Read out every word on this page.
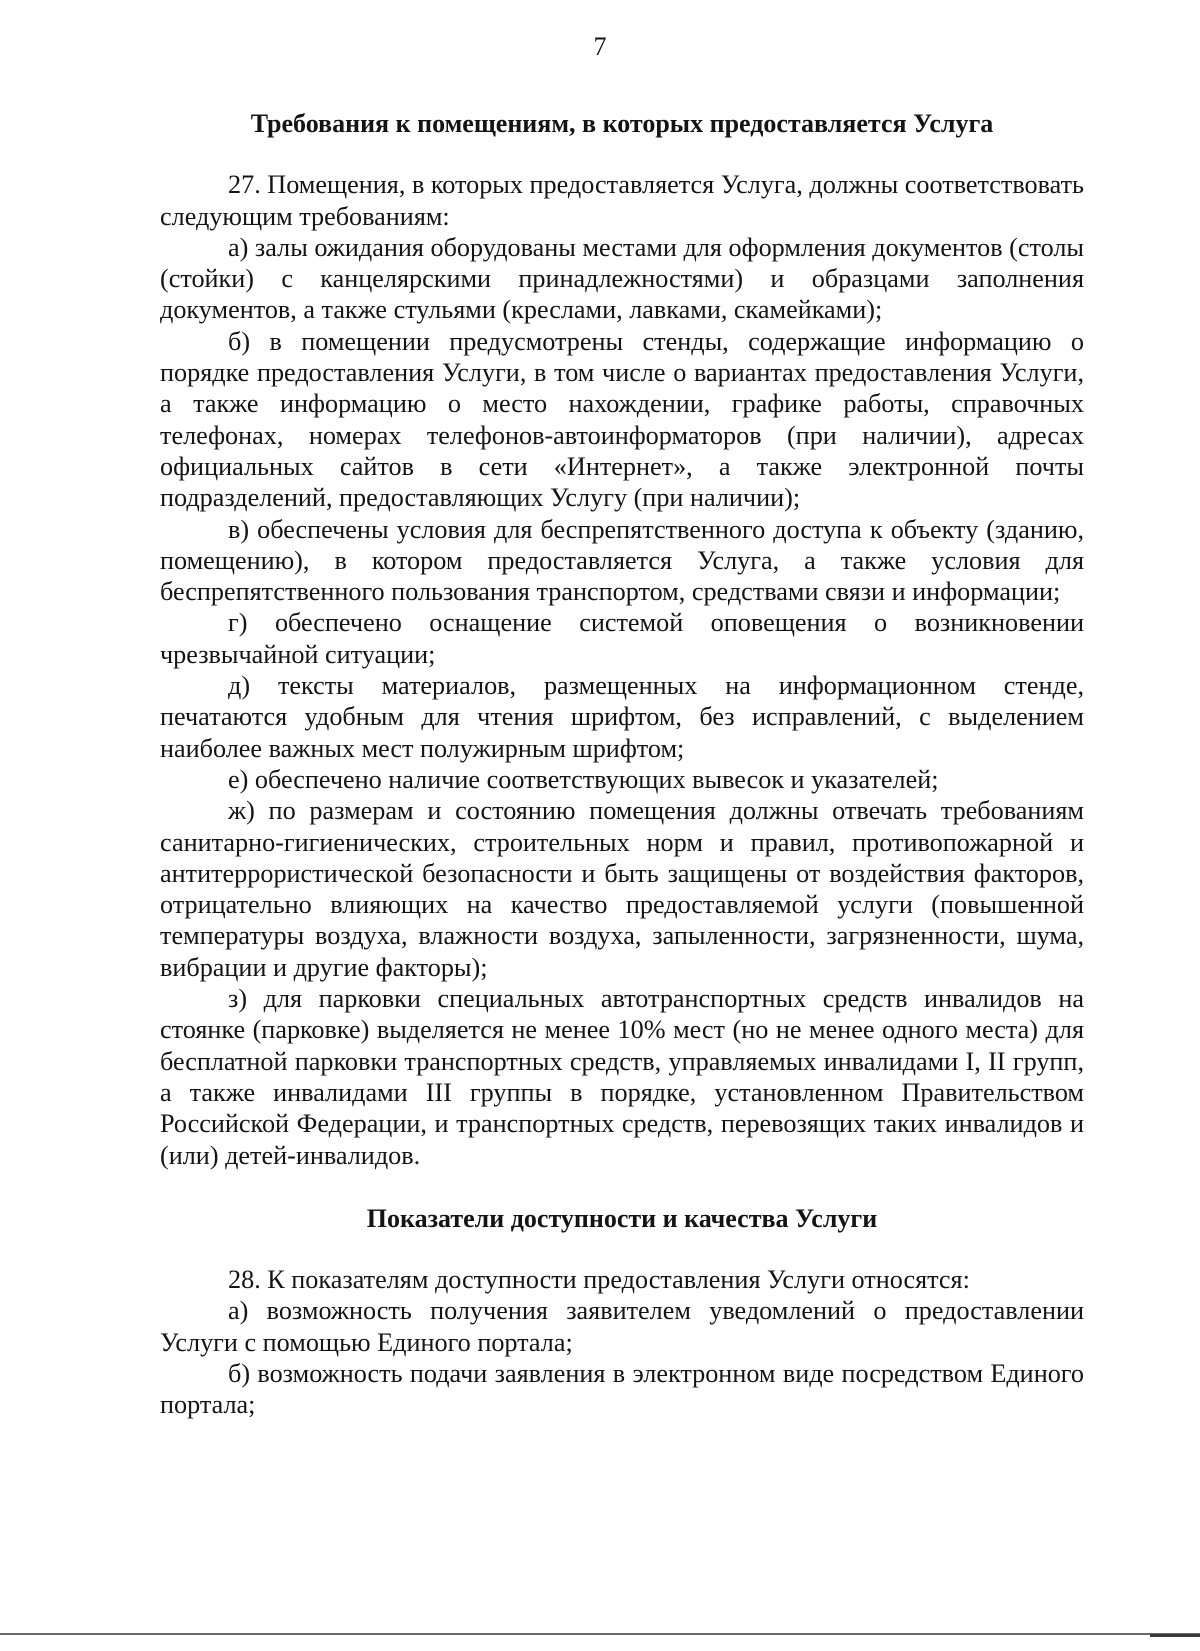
7
Требования к помещениям, в которых предоставляется Услуга

27. Помещения, в которых предоставляется Услуга, должны соответствовать следующим требованиям:

а) залы ожидания оборудованы местами для оформления документов (столы (стойки) с канцелярскими принадлежностями) и образцами заполнения документов, а также стульями (креслами, лавками, скамейками);

б) в помещении предусмотрены стенды, содержащие информацию о порядке предоставления Услуги, в том числе о вариантах предоставления Услуги, а также информацию о место нахождении, графике работы, справочных телефонах, номерах телефонов-автоинформаторов (при наличии), адресах официальных сайтов в сети «Интернет», а также электронной почты подразделений, предоставляющих Услугу (при наличии);

в) обеспечены условия для беспрепятственного доступа к объекту (зданию, помещению), в котором предоставляется Услуга, а также условия для беспрепятственного пользования транспортом, средствами связи и информации;

г) обеспечено оснащение системой оповещения о возникновении чрезвычайной ситуации;

д) тексты материалов, размещенных на информационном стенде, печатаются удобным для чтения шрифтом, без исправлений, с выделением наиболее важных мест полужирным шрифтом;

е) обеспечено наличие соответствующих вывесок и указателей;

ж) по размерам и состоянию помещения должны отвечать требованиям санитарно-гигиенических, строительных норм и правил, противопожарной и антитеррористической безопасности и быть защищены от воздействия факторов, отрицательно влияющих на качество предоставляемой услуги (повышенной температуры воздуха, влажности воздуха, запыленности, загрязненности, шума, вибрации и другие факторы);

з) для парковки специальных автотранспортных средств инвалидов на стоянке (парковке) выделяется не менее 10% мест (но не менее одного места) для бесплатной парковки транспортных средств, управляемых инвалидами I, II групп, а также инвалидами III группы в порядке, установленном Правительством Российской Федерации, и транспортных средств, перевозящих таких инвалидов и (или) детей-инвалидов.

Показатели доступности и качества Услуги

28. К показателям доступности предоставления Услуги относятся:

а) возможность получения заявителем уведомлений о предоставлении Услуги с помощью Единого портала;

б) возможность подачи заявления в электронном виде посредством Единого портала;
